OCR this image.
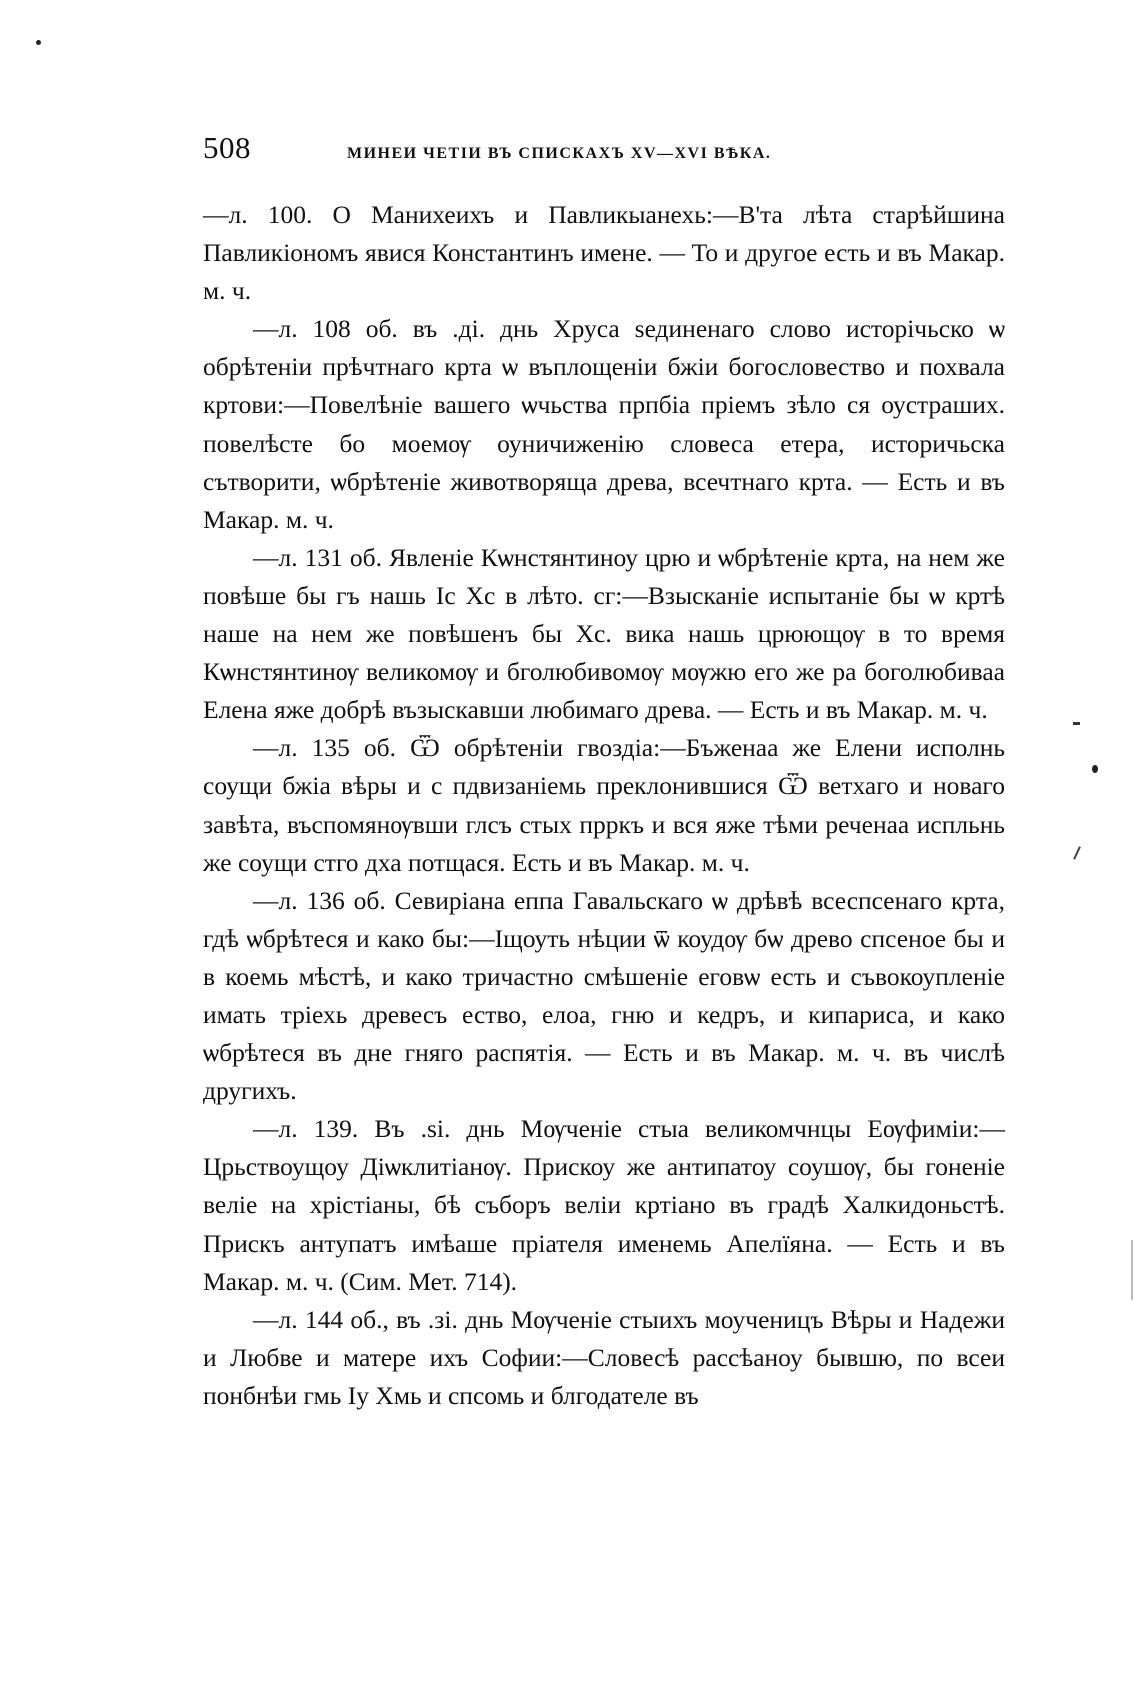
508	МИНЕИ ЧЕТІИ ВЪ СПИСКАХЪ XV—XVI ВѢКА.

—л. 100. О Манихеихъ и Павликыанехь:—В'та лѣта старѣйшина Павликіономъ явися Константинъ имене. — То и другое есть и въ Макар. м. ч.

—л. 108 об. въ .ді. днь Хруса ѕединенаго слово исторічьско ѡ обрѣтеніи прѣчтнаго крта ѡ въплощеніи бжіи богословество и похвала кртови:—Повелѣніе вашего ѡчьства прпбіа пріемъ зѣло ся оустраших. повелѣсте бо моемѹ оуничиженію словеса етера, историчьска сътворити, ѡбрѣтеніе животворяща древа, всечтнаго крта. — Есть и въ Макар. м. ч.

—л. 131 об. Явленіе Кѡнстянтиноу црю и ѡбрѣтеніе крта, на нем же повѣше бы гъ нашь Іс Хс в лѣто. сг:—Взысканіе испытаніе бы ѡ кртѣ наше на нем же повѣшенъ бы Хс. вика нашь црюющѹ в то время Кѡнстянтинѹ великомѹ и бголюбивомѹ мѹжю его же ра боголюбиваа Елена яже добрѣ възыскавши любимаго древа. — Есть и въ Макар. м. ч.

—л. 135 об. Ѿ обрѣтеніи гвоздіа:—Бъженаа же Елени исполнь соущи бжіа вѣры и с пдвизаніемь преклонившися Ѿ ветхаго и новаго завѣта, въспомянѹвши глсъ стых прркъ и вся яже тѣми реченаа испльнь же соущи стго дха потщася. Есть и въ Макар. м. ч.

—л. 136 об. Севиріана еппа Гавальскаго ѡ дрѣвѣ всеспсенаго крта, гдѣ ѡбрѣтеся и како бы:—Іщоуть нѣции ѿ коудѹ бѡ древо спсеное бы и в коемь мѣстѣ, и како тричастно смѣшеніе еговѡ есть и съвокоупленіе имать тріехь древесъ ество, елоа, гню и кедръ, и кипариса, и како ѡбрѣтеся въ дне гняго распятія. — Есть и въ Макар. м. ч. въ числѣ другихъ.

—л. 139. Въ .ѕі. днь Мѹченіе стыа великомчнцы Еѹфиміи:—Црьствоущоу Діѡклитіанѹ. Прискоу же антипатоу соушѹ, бы гоненіе веліе на хрістіаны, бѣ съборъ веліи кртіано въ градѣ Халкидоньстѣ. Прискъ антупатъ имѣаше пріателя именемь Апелїяна. — Есть и въ Макар. м. ч. (Сим. Мет. 714).

—л. 144 об., въ .зі. днь Мѹченіе стыихъ моученицъ Вѣры и Надежи и Любве и матере ихъ Софии:—Словесѣ рассѣаноу бывшю, по всеи понбнѣи гмь Іу Хмь и спсомь и блгодателе въ
